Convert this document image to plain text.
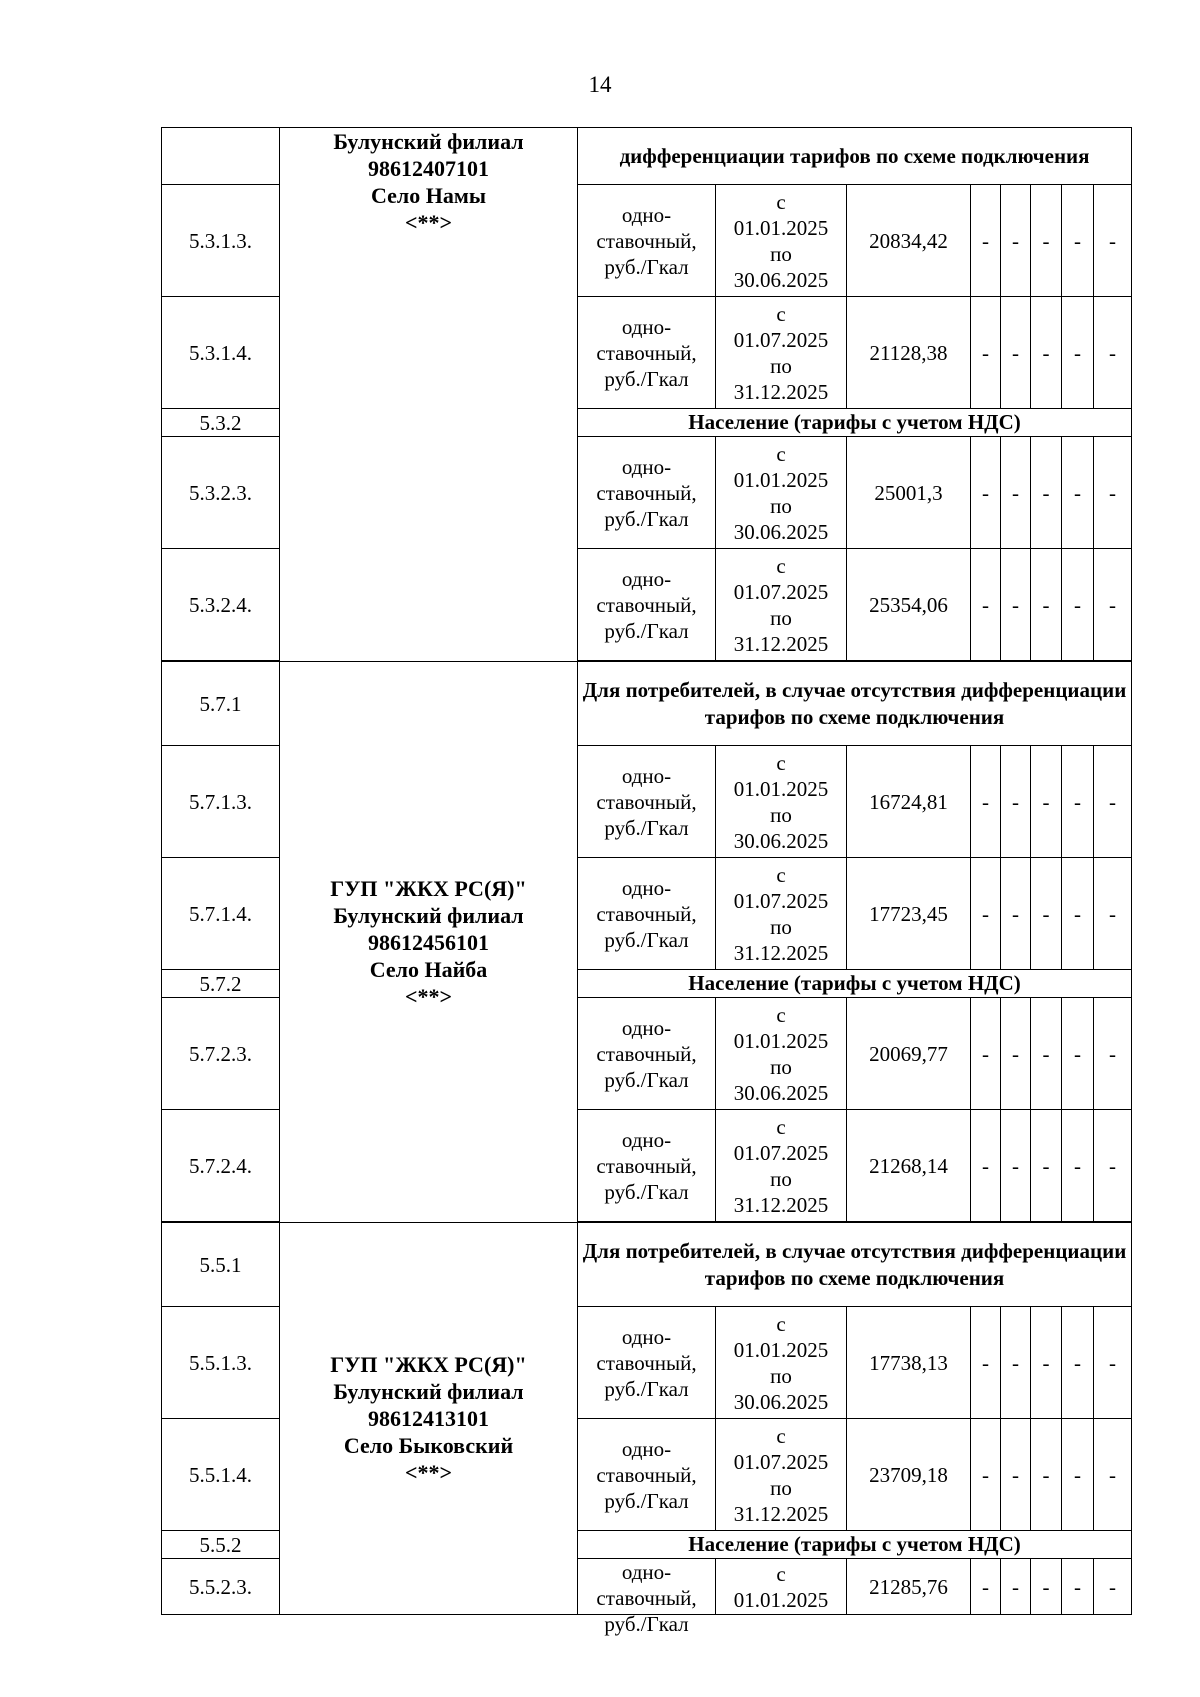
14
	Булунский филиал
98612407101
Село Намы
<**>	дифференциации тарифов по схеме подключения							
5.3.1.3.		одно-
ставочный,
руб./Гкал	с
01.01.2025
по
30.06.2025	20834,42	-	-	-	-	-
5.3.1.4.		одно-
ставочный,
руб./Гкал	с
01.07.2025
по
31.12.2025	21128,38	-	-	-	-	-
5.3.2		Население (тарифы с учетом НДС)							
5.3.2.3.		одно-
ставочный,
руб./Гкал	с
01.01.2025
по
30.06.2025	25001,3	-	-	-	-	-
5.3.2.4.		одно-
ставочный,
руб./Гкал	с
01.07.2025
по
31.12.2025	25354,06	-	-	-	-	-

5.7.1	ГУП "ЖКХ РС(Я)"
Булунский филиал
98612456101
Село Найба
<**>	Для потребителей, в случае отсутствия дифференциации тарифов по схеме подключения							
5.7.1.3.		одно-
ставочный,
руб./Гкал	с
01.01.2025
по
30.06.2025	16724,81	-	-	-	-	-
5.7.1.4.		одно-
ставочный,
руб./Гкал	с
01.07.2025
по
31.12.2025	17723,45	-	-	-	-	-
5.7.2		Население (тарифы с учетом НДС)							
5.7.2.3.		одно-
ставочный,
руб./Гкал	с
01.01.2025
по
30.06.2025	20069,77	-	-	-	-	-
5.7.2.4.		одно-
ставочный,
руб./Гкал	с
01.07.2025
по
31.12.2025	21268,14	-	-	-	-	-

5.5.1	ГУП "ЖКХ РС(Я)"
Булунский филиал
98612413101
Село Быковский
<**>	Для потребителей, в случае отсутствия дифференциации тарифов по схеме подключения							
5.5.1.3.		одно-
ставочный,
руб./Гкал	с
01.01.2025
по
30.06.2025	17738,13	-	-	-	-	-
5.5.1.4.		одно-
ставочный,
руб./Гкал	с
01.07.2025
по
31.12.2025	23709,18	-	-	-	-	-
5.5.2		Население (тарифы с учетом НДС)							
5.5.2.3.		одно-
ставочный,
руб./Гкал	с
01.01.2025	21285,76	-	-	-	-	-
